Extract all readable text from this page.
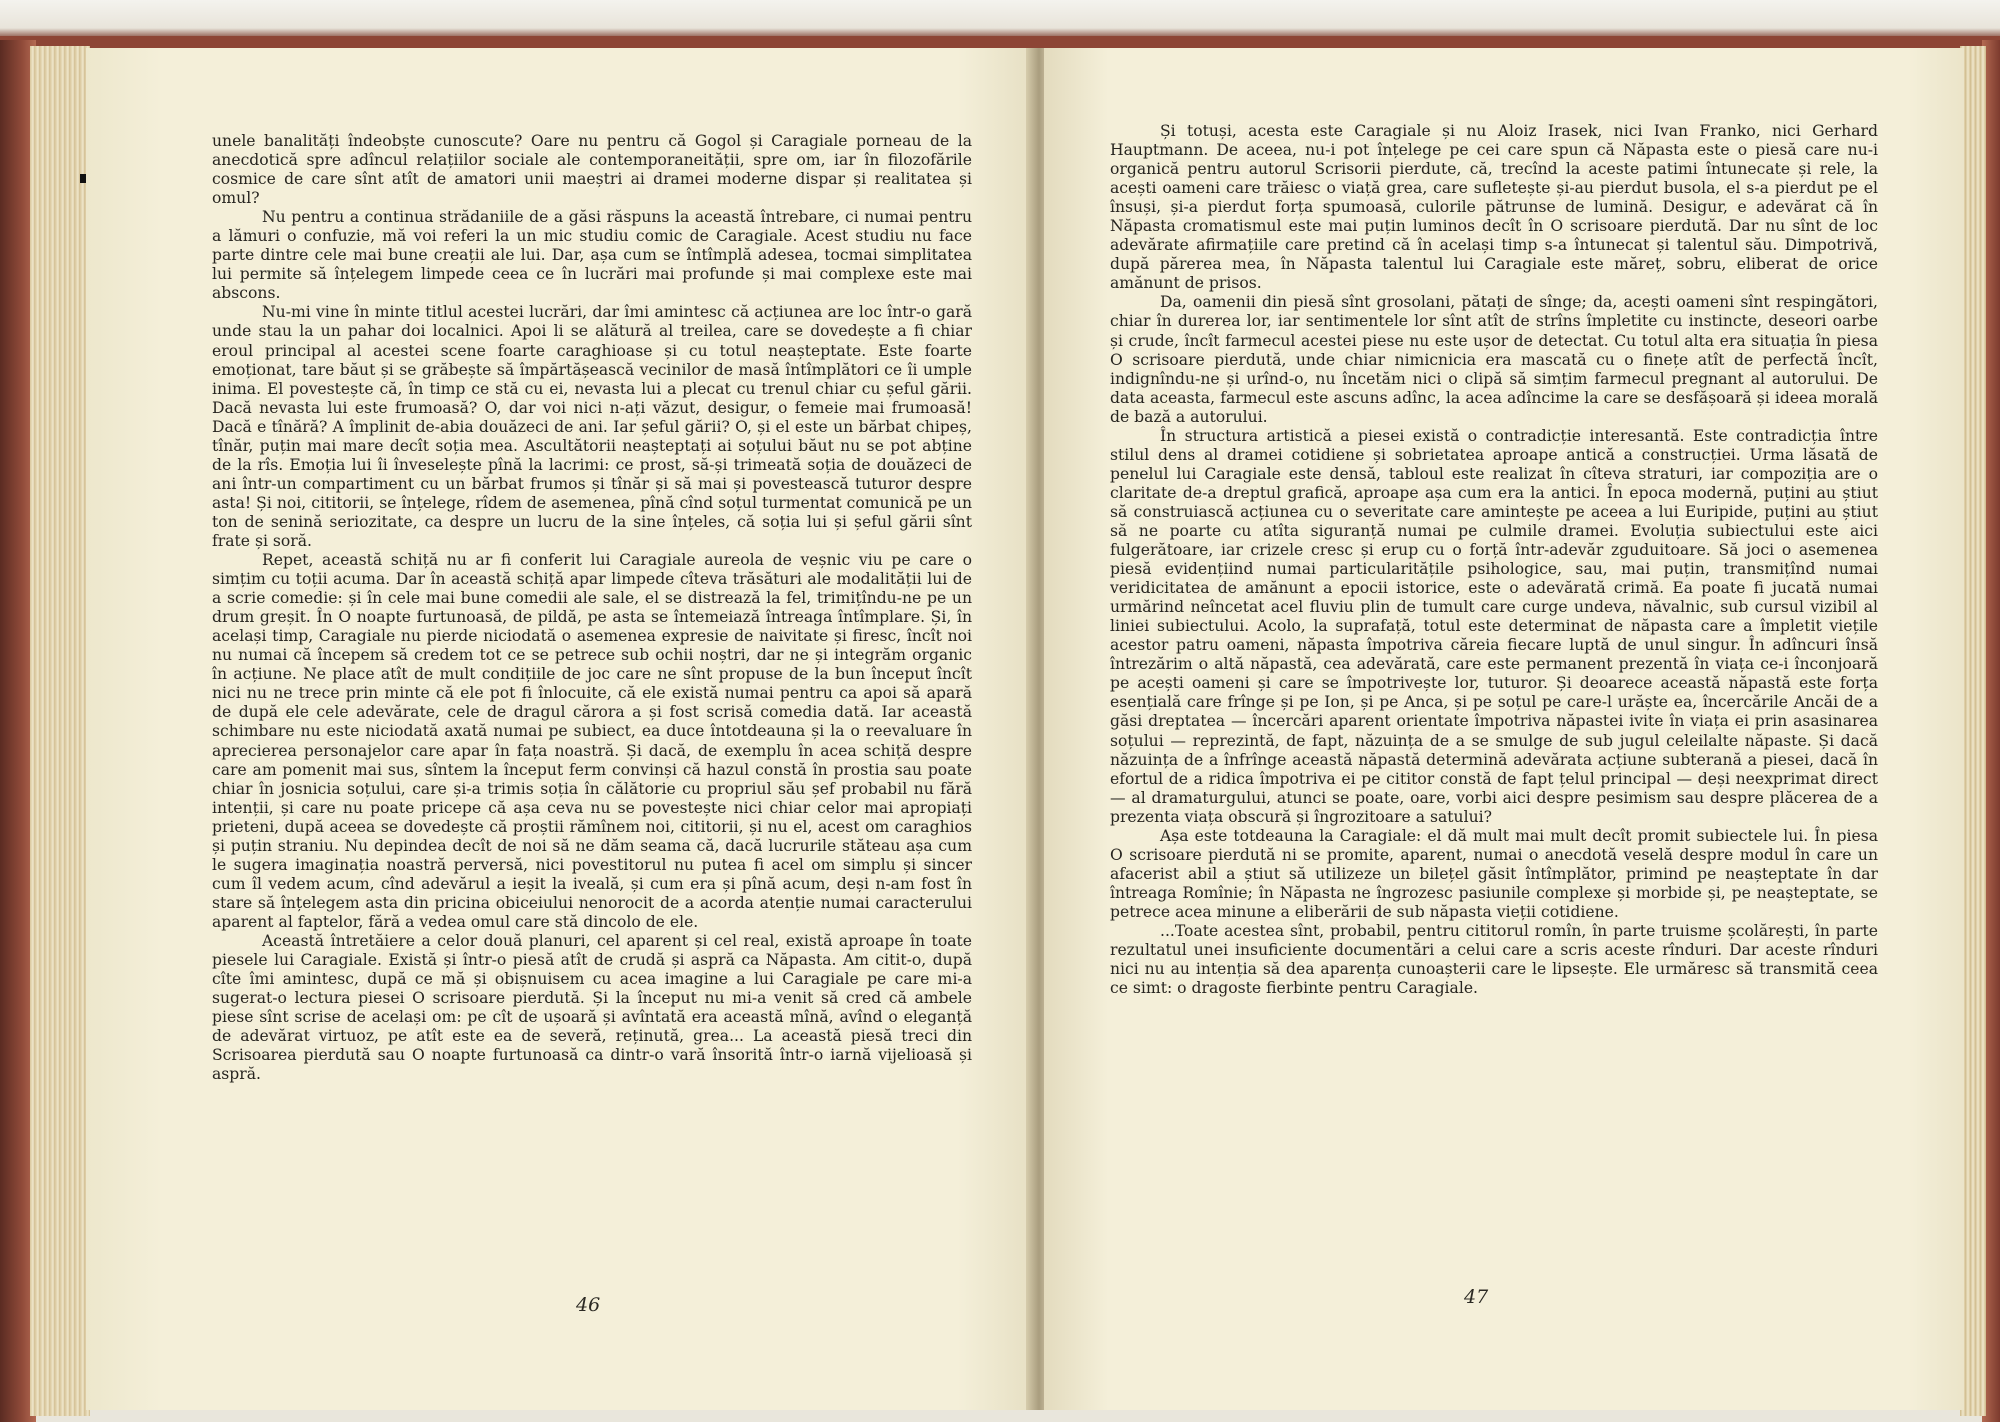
unele banalități îndeobște cunoscute? Oare nu pentru că Gogol și Caragiale porneau de la anecdotică spre adîncul relațiilor sociale ale contemporaneității, spre om, iar în filozofările cosmice de care sînt atît de amatori unii maeștri ai dramei moderne dispar și realitatea și omul?

Nu pentru a continua strădaniile de a găsi răspuns la această întrebare, ci numai pentru a lămuri o confuzie, mă voi referi la un mic studiu comic de Caragiale. Acest studiu nu face parte dintre cele mai bune creații ale lui. Dar, așa cum se întîmplă adesea, tocmai simplitatea lui permite să înțelegem limpede ceea ce în lucrări mai profunde și mai complexe este mai abscons.

Nu-mi vine în minte titlul acestei lucrări, dar îmi amintesc că acțiunea are loc într-o gară unde stau la un pahar doi localnici. Apoi li se alătură al treilea, care se dovedește a fi chiar eroul principal al acestei scene foarte caraghioase și cu totul neașteptate. Este foarte emoționat, tare băut și se grăbește să împărtășească vecinilor de masă întîmplători ce îi umple inima. El povestește că, în timp ce stă cu ei, nevasta lui a plecat cu trenul chiar cu șeful gării. Dacă nevasta lui este frumoasă? O, dar voi nici n-ați văzut, desigur, o femeie mai frumoasă! Dacă e tînără? A împlinit de-abia douăzeci de ani. Iar șeful gării? O, și el este un bărbat chipeș, tînăr, puțin mai mare decît soția mea. Ascultătorii neașteptați ai soțului băut nu se pot abține de la rîs. Emoția lui îi înveselește pînă la lacrimi: ce prost, să-și trimeată soția de douăzeci de ani într-un compartiment cu un bărbat frumos și tînăr și să mai și povestească tuturor despre asta! Și noi, cititorii, se înțelege, rîdem de asemenea, pînă cînd soțul turmentat comunică pe un ton de senină seriozitate, ca despre un lucru de la sine înțeles, că soția lui și șeful gării sînt frate și soră.

Repet, această schiță nu ar fi conferit lui Caragiale aureola de veșnic viu pe care o simțim cu toții acuma. Dar în această schiță apar limpede cîteva trăsături ale modalității lui de a scrie comedie: și în cele mai bune comedii ale sale, el se distrează la fel, trimițîndu-ne pe un drum greșit. În O noapte furtunoasă, de pildă, pe asta se întemeiază întreaga întîmplare. Și, în același timp, Caragiale nu pierde niciodată o asemenea expresie de naivitate și firesc, încît noi nu numai că începem să credem tot ce se petrece sub ochii noștri, dar ne și integrăm organic în acțiune. Ne place atît de mult condițiile de joc care ne sînt propuse de la bun început încît nici nu ne trece prin minte că ele pot fi înlocuite, că ele există numai pentru ca apoi să apară de după ele cele adevărate, cele de dragul cărora a și fost scrisă comedia dată. Iar această schimbare nu este niciodată axată numai pe subiect, ea duce întotdeauna și la o reevaluare în aprecierea personajelor care apar în fața noastră. Și dacă, de exemplu în acea schiță despre care am pomenit mai sus, sîntem la început ferm convinși că hazul constă în prostia sau poate chiar în josnicia soțului, care și-a trimis soția în călătorie cu propriul său șef probabil nu fără intenții, și care nu poate pricepe că așa ceva nu se povestește nici chiar celor mai apropiați prieteni, după aceea se dovedește că proștii rămînem noi, cititorii, și nu el, acest om caraghios și puțin straniu. Nu depindea decît de noi să ne dăm seama că, dacă lucrurile stăteau așa cum le sugera imaginația noastră perversă, nici povestitorul nu putea fi acel om simplu și sincer cum îl vedem acum, cînd adevărul a ieșit la iveală, și cum era și pînă acum, deși n-am fost în stare să înțelegem asta din pricina obiceiului nenorocit de a acorda atenție numai caracterului aparent al faptelor, fără a vedea omul care stă dincolo de ele.

Această întretăiere a celor două planuri, cel aparent și cel real, există aproape în toate piesele lui Caragiale. Există și într-o piesă atît de crudă și aspră ca Năpasta. Am citit-o, după cîte îmi amintesc, după ce mă și obișnuisem cu acea imagine a lui Caragiale pe care mi-a sugerat-o lectura piesei O scrisoare pierdută. Și la început nu mi-a venit să cred că ambele piese sînt scrise de același om: pe cît de ușoară și avîntată era această mînă, avînd o eleganță de adevărat virtuoz, pe atît este ea de severă, reținută, grea... La această piesă treci din Scrisoarea pierdută sau O noapte furtunoasă ca dintr-o vară însorită într-o iarnă vijelioasă și aspră.

46

Și totuși, acesta este Caragiale și nu Aloiz Irasek, nici Ivan Franko, nici Gerhard Hauptmann. De aceea, nu-i pot înțelege pe cei care spun că Năpasta este o piesă care nu-i organică pentru autorul Scrisorii pierdute, că, trecînd la aceste patimi întunecate și rele, la acești oameni care trăiesc o viață grea, care sufletește și-au pierdut busola, el s-a pierdut pe el însuși, și-a pierdut forța spumoasă, culorile pătrunse de lumină. Desigur, e adevărat că în Năpasta cromatismul este mai puțin luminos decît în O scrisoare pierdută. Dar nu sînt de loc adevărate afirmațiile care pretind că în același timp s-a întunecat și talentul său. Dimpotrivă, după părerea mea, în Năpasta talentul lui Caragiale este măreț, sobru, eliberat de orice amănunt de prisos.

Da, oamenii din piesă sînt grosolani, pătați de sînge; da, acești oameni sînt respingători, chiar în durerea lor, iar sentimentele lor sînt atît de strîns împletite cu instincte, deseori oarbe și crude, încît farmecul acestei piese nu este ușor de detectat. Cu totul alta era situația în piesa O scrisoare pierdută, unde chiar nimicnicia era mascată cu o finețe atît de perfectă încît, indignîndu-ne și urînd-o, nu încetăm nici o clipă să simțim farmecul pregnant al autorului. De data aceasta, farmecul este ascuns adînc, la acea adîncime la care se desfășoară și ideea morală de bază a autorului.

În structura artistică a piesei există o contradicție interesantă. Este contradicția între stilul dens al dramei cotidiene și sobrietatea aproape antică a construcției. Urma lăsată de penelul lui Caragiale este densă, tabloul este realizat în cîteva straturi, iar compoziția are o claritate de-a dreptul grafică, aproape așa cum era la antici. În epoca modernă, puțini au știut să construiască acțiunea cu o severitate care amintește pe aceea a lui Euripide, puțini au știut să ne poarte cu atîta siguranță numai pe culmile dramei. Evoluția subiectului este aici fulgerătoare, iar crizele cresc și erup cu o forță într-adevăr zguduitoare. Să joci o asemenea piesă evidențiind numai particularitățile psihologice, sau, mai puțin, transmițînd numai veridicitatea de amănunt a epocii istorice, este o adevărată crimă. Ea poate fi jucată numai urmărind neîncetat acel fluviu plin de tumult care curge undeva, năvalnic, sub cursul vizibil al liniei subiectului. Acolo, la suprafață, totul este determinat de năpasta care a împletit viețile acestor patru oameni, năpasta împotriva căreia fiecare luptă de unul singur. În adîncuri însă întrezărim o altă năpastă, cea adevărată, care este permanent prezentă în viața ce-i înconjoară pe acești oameni și care se împotrivește lor, tuturor. Și deoarece această năpastă este forța esențială care frînge și pe Ion, și pe Anca, și pe soțul pe care-l urăște ea, încercările Ancăi de a găsi dreptatea — încercări aparent orientate împotriva năpastei ivite în viața ei prin asasinarea soțului — reprezintă, de fapt, năzuința de a se smulge de sub jugul celeilalte năpaste. Și dacă năzuința de a înfrînge această năpastă determină adevărata acțiune subterană a piesei, dacă în efortul de a ridica împotriva ei pe cititor constă de fapt țelul principal — deși neexprimat direct — al dramaturgului, atunci se poate, oare, vorbi aici despre pesimism sau despre plăcerea de a prezenta viața obscură și îngrozitoare a satului?

Așa este totdeauna la Caragiale: el dă mult mai mult decît promit subiectele lui. În piesa O scrisoare pierdută ni se promite, aparent, numai o anecdotă veselă despre modul în care un afacerist abil a știut să utilizeze un bilețel găsit întîmplător, primind pe neașteptate în dar întreaga Romînie; în Năpasta ne îngrozesc pasiunile complexe și morbide și, pe neașteptate, se petrece acea minune a eliberării de sub năpasta vieții cotidiene.

...Toate acestea sînt, probabil, pentru cititorul romîn, în parte truisme școlărești, în parte rezultatul unei insuficiente documentări a celui care a scris aceste rînduri. Dar aceste rînduri nici nu au intenția să dea aparența cunoașterii care le lipsește. Ele urmăresc să transmită ceea ce simt: o dragoste fierbinte pentru Caragiale.

47
